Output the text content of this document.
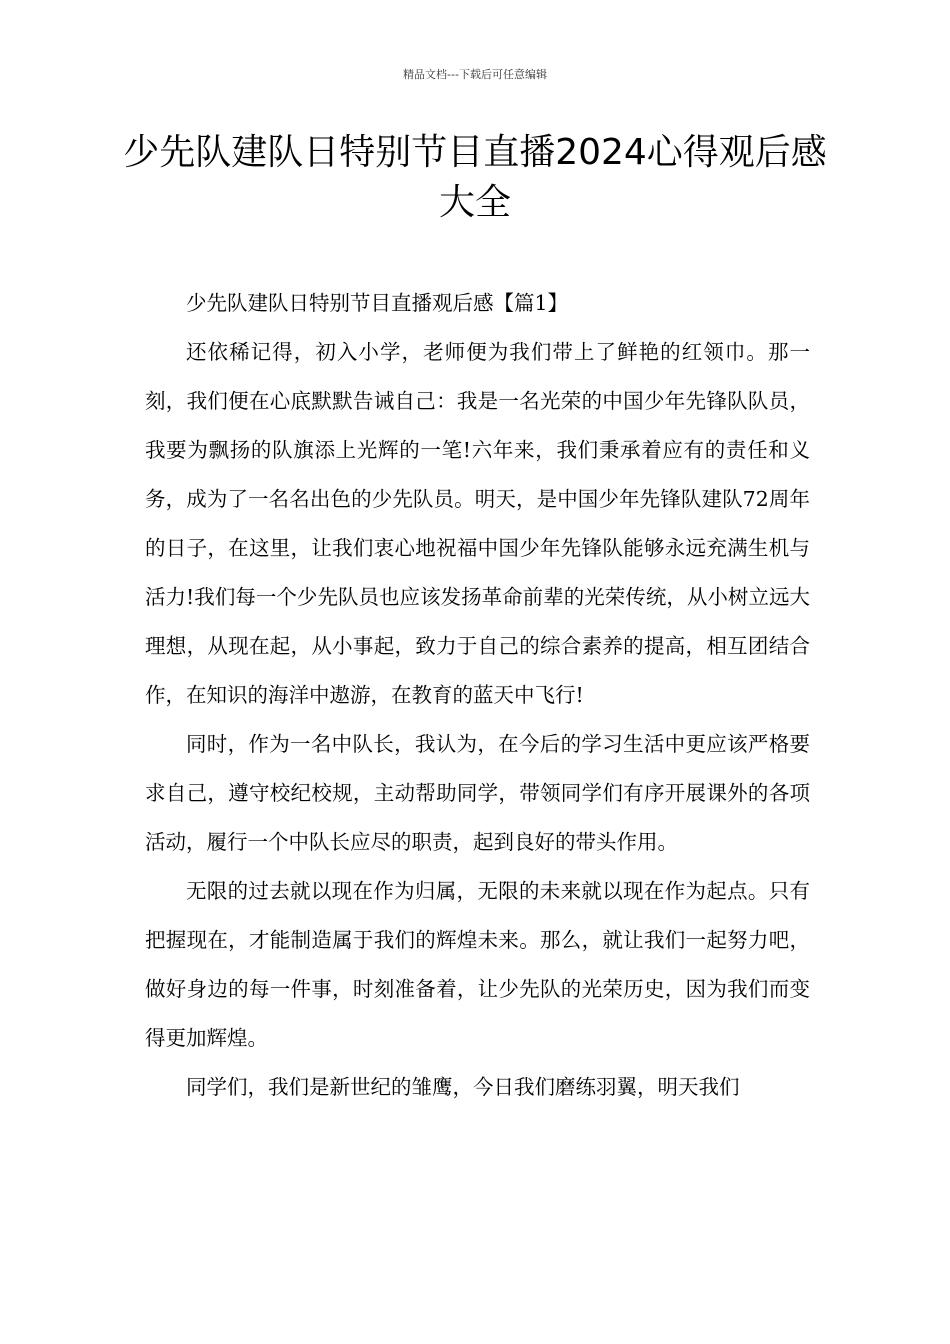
精品文档---下载后可任意编辑
少先队建队日特别节目直播2024心得观后感大全

少先队建队日特别节目直播观后感【篇1】

还依稀记得，初入小学，老师便为我们带上了鲜艳的红领巾。那一刻，我们便在心底默默告诫自己：我是一名光荣的中国少年先锋队队员，我要为飘扬的队旗添上光辉的一笔!六年来，我们秉承着应有的责任和义务，成为了一名名出色的少先队员。明天，是中国少年先锋队建队72周年的日子，在这里，让我们衷心地祝福中国少年先锋队能够永远充满生机与活力!我们每一个少先队员也应该发扬革命前辈的光荣传统，从小树立远大理想，从现在起，从小事起，致力于自己的综合素养的提高，相互团结合作，在知识的海洋中遨游，在教育的蓝天中飞行!

同时，作为一名中队长，我认为，在今后的学习生活中更应该严格要求自己，遵守校纪校规，主动帮助同学，带领同学们有序开展课外的各项活动，履行一个中队长应尽的职责，起到良好的带头作用。

无限的过去就以现在作为归属，无限的未来就以现在作为起点。只有把握现在，才能制造属于我们的辉煌未来。那么，就让我们一起努力吧，做好身边的每一件事，时刻准备着，让少先队的光荣历史，因为我们而变得更加辉煌。

同学们，我们是新世纪的雏鹰，今日我们磨练羽翼，明天我们
